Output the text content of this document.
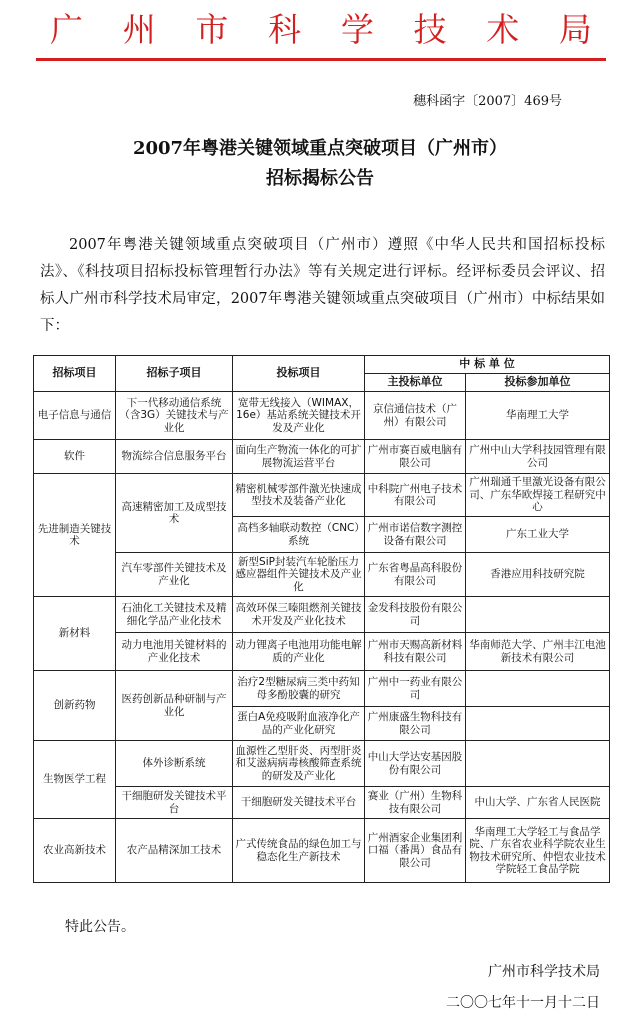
广 州 市 科 学 技 术 局
穗科函字〔2007〕469号
2007年粤港关键领域重点突破项目（广州市）
招标揭标公告

2007年粤港关键领域重点突破项目（广州市）遵照《中华人民共和国招标投标法》、《科技项目招标投标管理暂行办法》等有关规定进行评标。经评标委员会评议、招标人广州市科学技术局审定，2007年粤港关键领域重点突破项目（广州市）中标结果如下：

招标项目	招标子项目	投标项目	中 标 单 位	
			主投标单位	投标参加单位
电子信息与通信	下一代移动通信系统（含3G）关键技术与产业化	宽带无线接入（WIMAX，16e）基站系统关键技术开发及产业化	京信通信技术（广州）有限公司	华南理工大学
软件	物流综合信息服务平台	面向生产物流一体化的可扩展物流运营平台	广州市赛百威电脑有限公司	广州中山大学科技园管理有限公司
先进制造关键技术	高速精密加工及成型技术	精密机械零部件激光快速成型技术及装备产业化	中科院广州电子技术有限公司	广州瑞通千里激光设备有限公司、广东华欧焊接工程研究中心
		高档多轴联动数控（CNC）系统	广州市诺信数字测控设备有限公司	广东工业大学
	汽车零部件关键技术及产业化	新型SiP封装汽车轮胎压力感应器组件关键技术及产业化	广东省粤晶高科股份有限公司	香港应用科技研究院
新材料	石油化工关键技术及精细化学品产业化技术	高效环保三嗪阻燃剂关键技术开发及产业化技术	金发科技股份有限公司	
	动力电池用关键材料的产业化技术	动力锂离子电池用功能电解质的产业化	广州市天赐高新材料科技有限公司	华南师范大学、广州丰江电池新技术有限公司
创新药物	医药创新品种研制与产业化	治疗2型糖尿病三类中药知母多酚胶囊的研究	广州中一药业有限公司	
		蛋白A免疫吸附血液净化产品的产业化研究	广州康盛生物科技有限公司	
生物医学工程	体外诊断系统	血源性乙型肝炎、丙型肝炎和艾滋病病毒核酸筛查系统的研发及产业化	中山大学达安基因股份有限公司	
	干细胞研发关键技术平台	干细胞研发关键技术平台	赛业（广州）生物科技有限公司	中山大学、广东省人民医院
农业高新技术	农产品精深加工技术	广式传统食品的绿色加工与稳态化生产新技术	广州酒家企业集团利口福（番禺）食品有限公司	华南理工大学轻工与食品学院、广东省农业科学院农业生物技术研究所、仲恺农业技术学院轻工食品学院
特此公告。
广州市科学技术局
二〇〇七年十一月十二日
